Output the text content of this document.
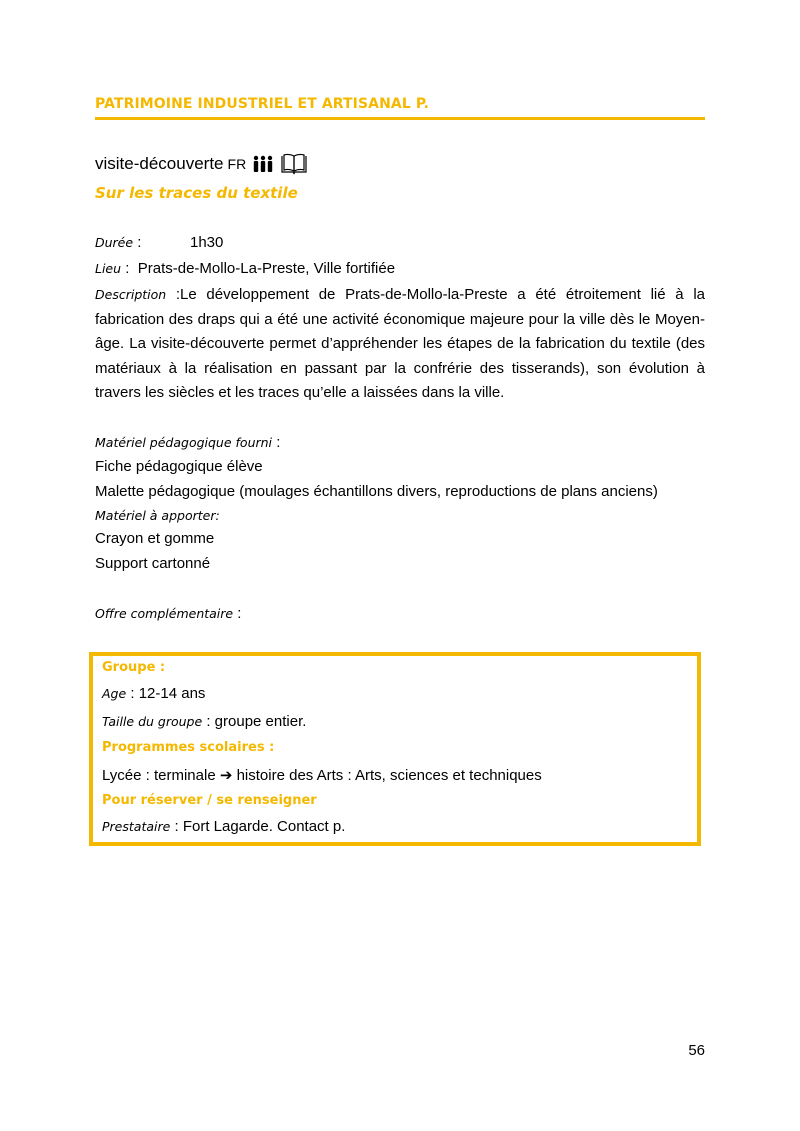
PATRIMOINE INDUSTRIEL ET ARTISANAL P.
visite-découverte FR
Sur les traces du textile
Durée :	1h30
Lieu :  Prats-de-Mollo-La-Preste, Ville fortifiée
Description :Le développement de Prats-de-Mollo-la-Preste a été étroitement lié à la fabrication des draps qui a été une activité économique majeure pour la ville dès le Moyen-âge. La visite-découverte permet d’appréhender les étapes de la fabrication du textile (des matériaux à la réalisation en passant par la confrérie des tisserands), son évolution à travers les siècles et les traces qu’elle a laissées dans la ville.
Matériel pédagogique fourni :
Fiche pédagogique élève
Malette pédagogique (moulages échantillons divers, reproductions de plans anciens)
Matériel à apporter:
Crayon et gomme
Support cartonné
Offre complémentaire :
Groupe :
Age : 12-14 ans
Taille du groupe : groupe entier.
Programmes scolaires :
Lycée : terminale ➔ histoire des Arts : Arts, sciences et techniques
Pour réserver / se renseigner
Prestataire : Fort Lagarde. Contact p.
56
